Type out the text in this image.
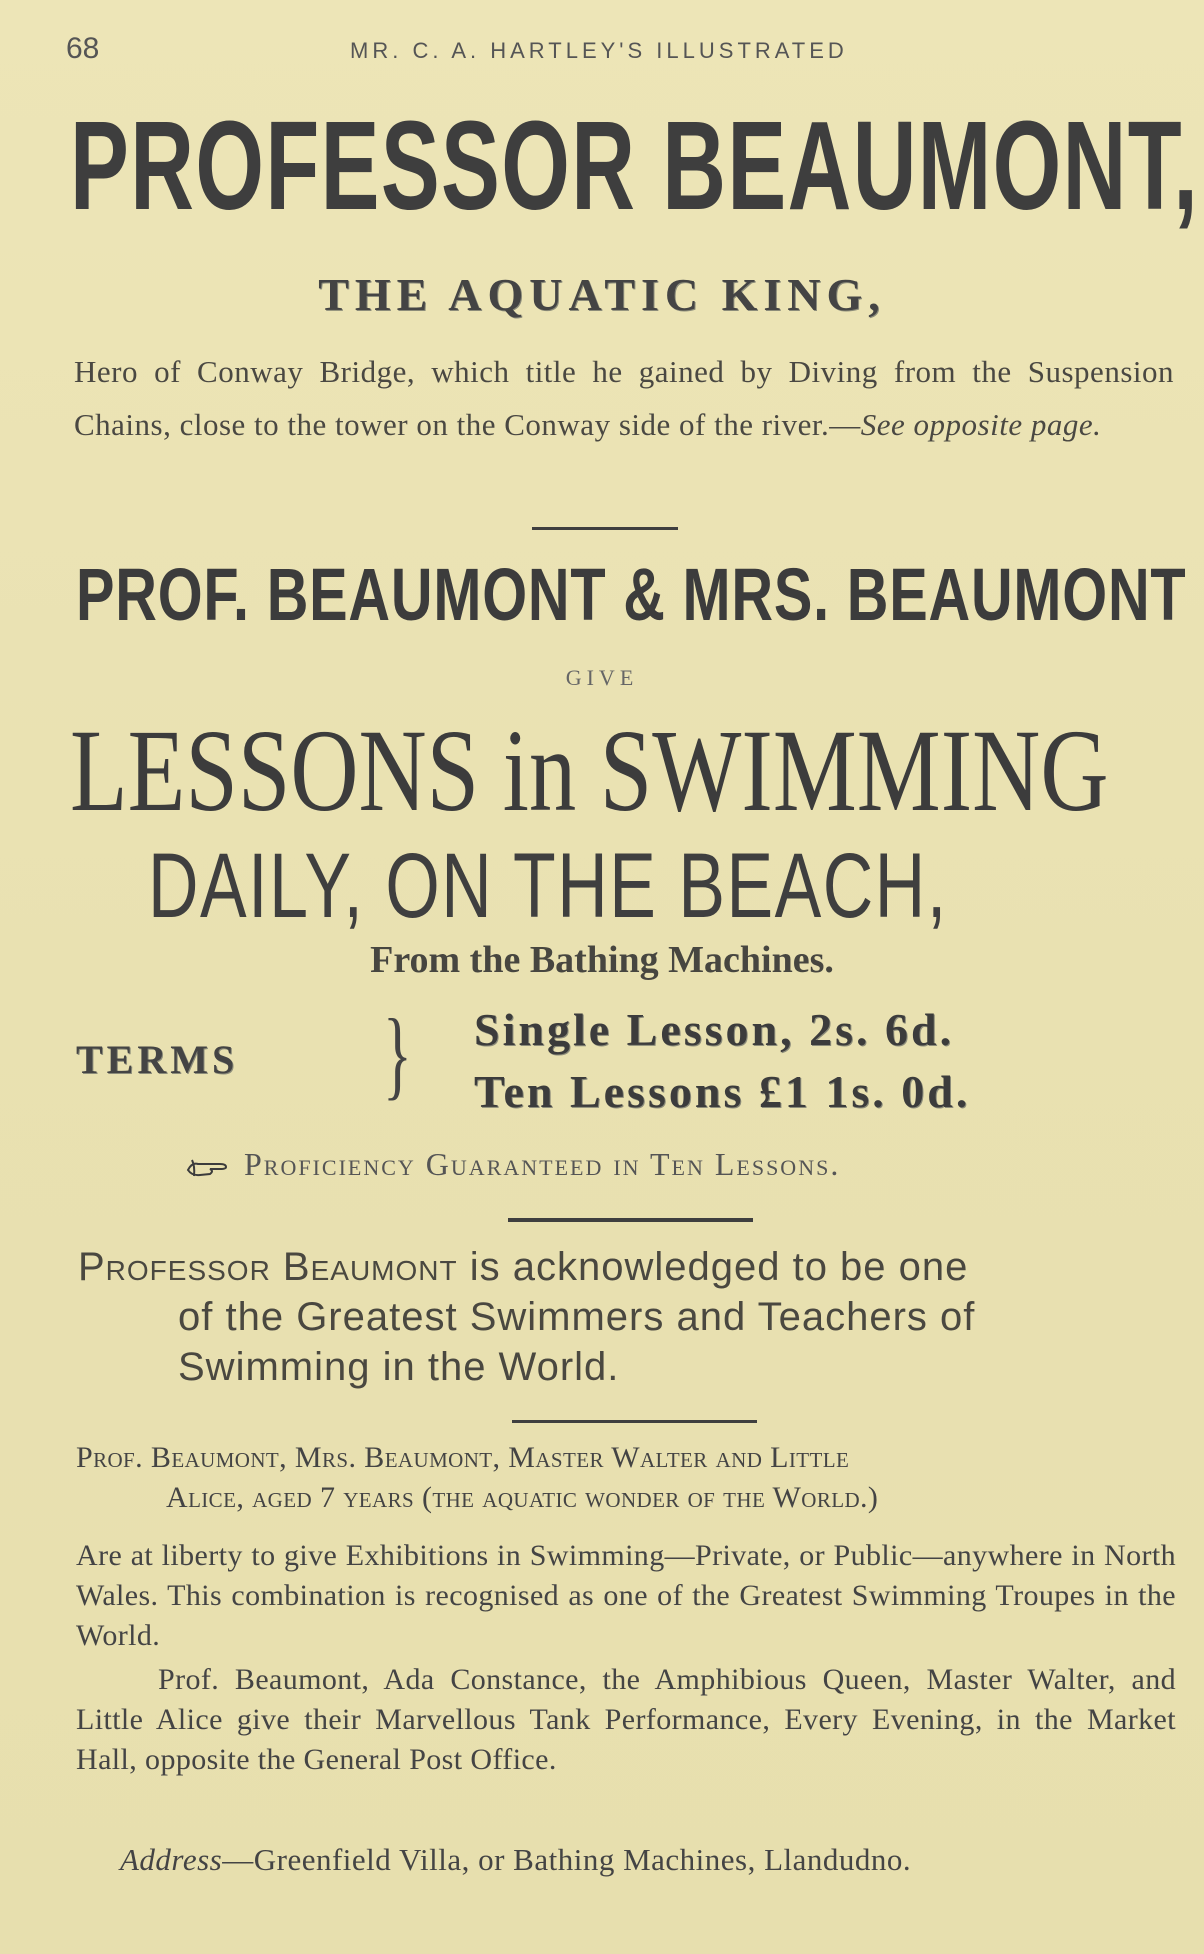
68	MR. C. A. HARTLEY'S ILLUSTRATED
PROFESSOR BEAUMONT,
THE AQUATIC KING,
Hero of Conway Bridge, which title he gained by Diving from the Suspension Chains, close to the tower on the Conway side of the river.—See opposite page.
PROF. BEAUMONT & MRS. BEAUMONT
GIVE
LESSONS in SWIMMING
DAILY, ON THE BEACH,
From the Bathing Machines.
TERMS } Single Lesson, 2s. 6d.
Ten Lessons £1 1s. 0d.
Proficiency Guaranteed in Ten Lessons.
Professor Beaumont is acknowledged to be one
of the Greatest Swimmers and Teachers of
Swimming in the World.
Prof. Beaumont, Mrs. Beaumont, Master Walter and Little
Alice, aged 7 years (the aquatic wonder of the World.)
Are at liberty to give Exhibitions in Swimming—Private, or Public—anywhere in North Wales. This combination is recognised as one of the Greatest Swimming Troupes in the World.
Prof. Beaumont, Ada Constance, the Amphibious Queen, Master Walter, and Little Alice give their Marvellous Tank Performance, Every Evening, in the Market Hall, opposite the General Post Office.
Address—Greenfield Villa, or Bathing Machines, Llandudno.
